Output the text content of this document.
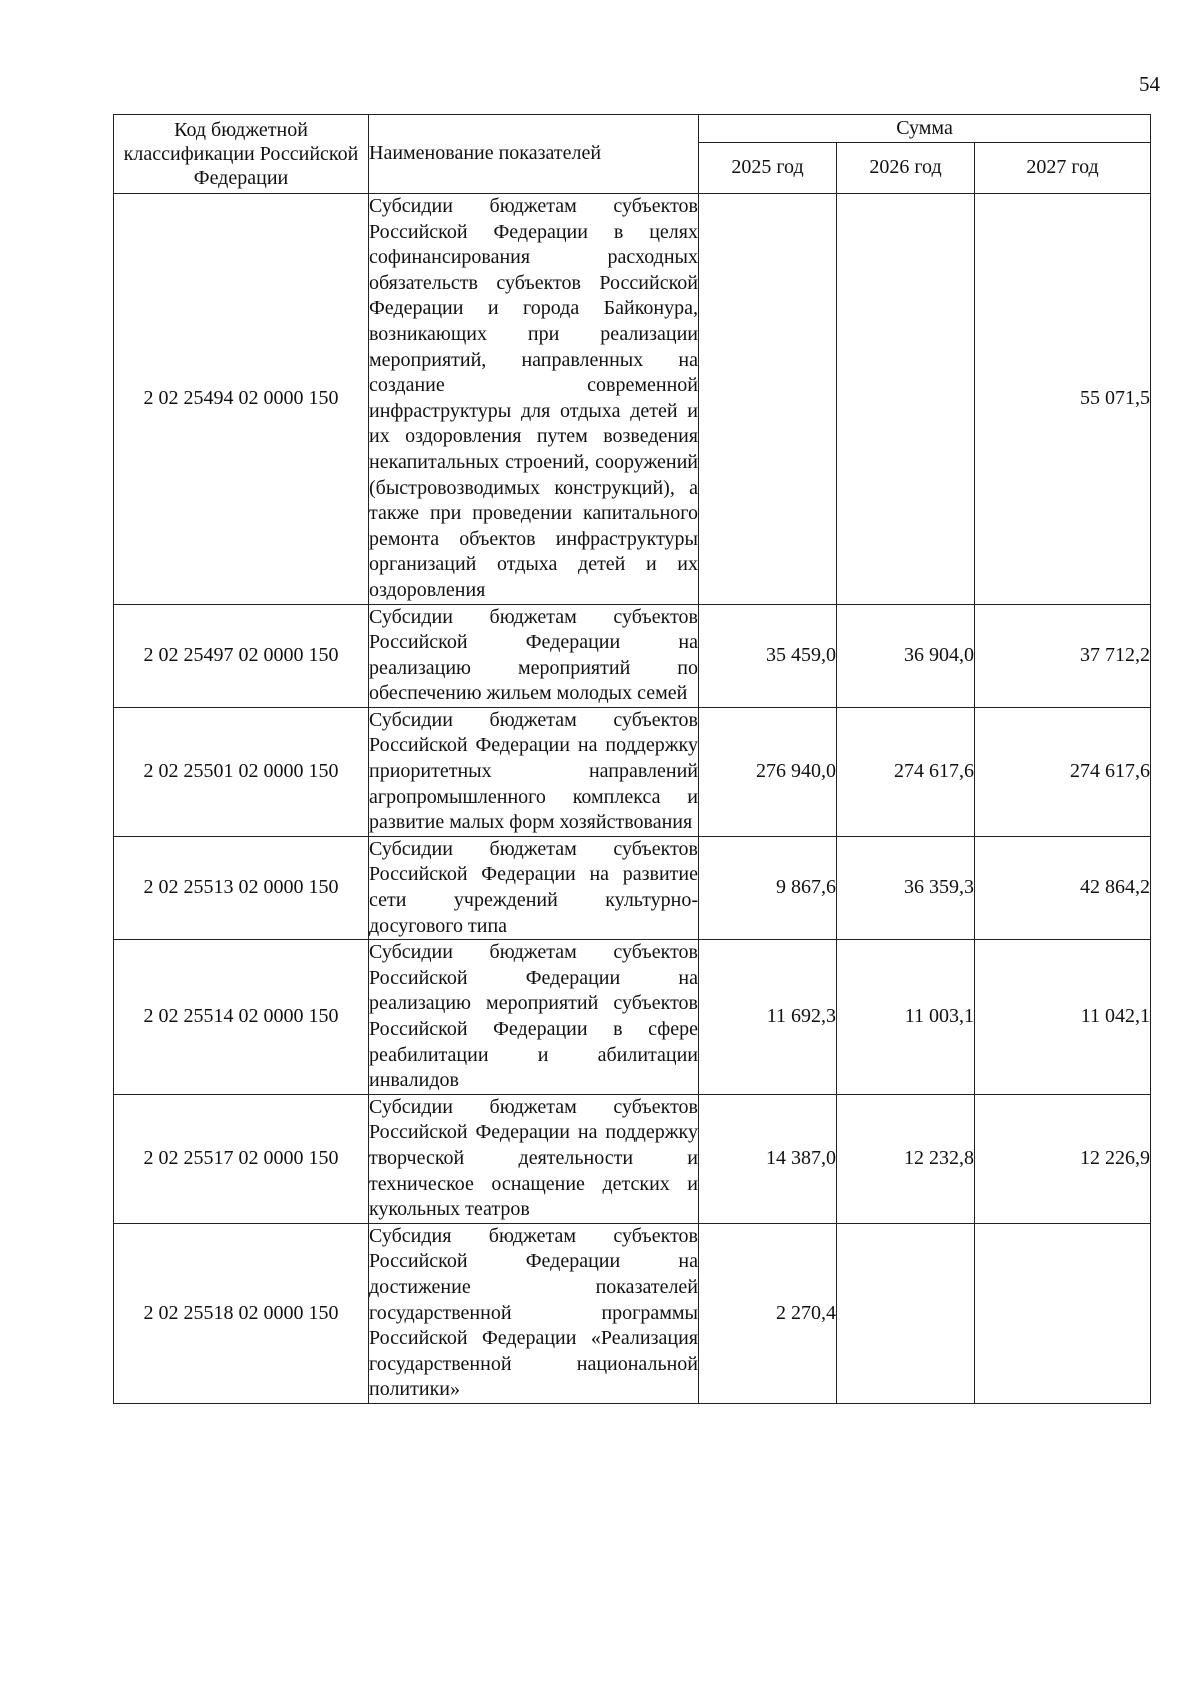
54
Код бюджетной классификации Российской Федерации	Наименование показателей	Сумма		
		2025 год	2026 год	2027 год
2 02 25494 02 0000 150	Субсидии бюджетам субъектов Российской Федерации в целях софинансирования расходных обязательств субъектов Российской Федерации и города Байконура, возникающих при реализации мероприятий, направленных на создание современной инфраструктуры для отдыха детей и их оздоровления путем возведения некапитальных строений, сооружений (быстровозводимых конструкций), а также при проведении капитального ремонта объектов инфраструктуры организаций отдыха детей и их оздоровления			55 071,5
2 02 25497 02 0000 150	Субсидии бюджетам субъектов Российской Федерации на реализацию мероприятий по обеспечению жильем молодых семей	35 459,0	36 904,0	37 712,2
2 02 25501 02 0000 150	Субсидии бюджетам субъектов Российской Федерации на поддержку приоритетных направлений агропромышленного комплекса и развитие малых форм хозяйствования	276 940,0	274 617,6	274 617,6
2 02 25513 02 0000 150	Субсидии бюджетам субъектов Российской Федерации на развитие сети учреждений культурно-досугового типа	9 867,6	36 359,3	42 864,2
2 02 25514 02 0000 150	Субсидии бюджетам субъектов Российской Федерации на реализацию мероприятий субъектов Российской Федерации в сфере реабилитации и абилитации инвалидов	11 692,3	11 003,1	11 042,1
2 02 25517 02 0000 150	Субсидии бюджетам субъектов Российской Федерации на поддержку творческой деятельности и техническое оснащение детских и кукольных театров	14 387,0	12 232,8	12 226,9
2 02 25518 02 0000 150	Субсидия бюджетам субъектов Российской Федерации на достижение показателей государственной программы Российской Федерации «Реализация государственной национальной политики»	2 270,4		
